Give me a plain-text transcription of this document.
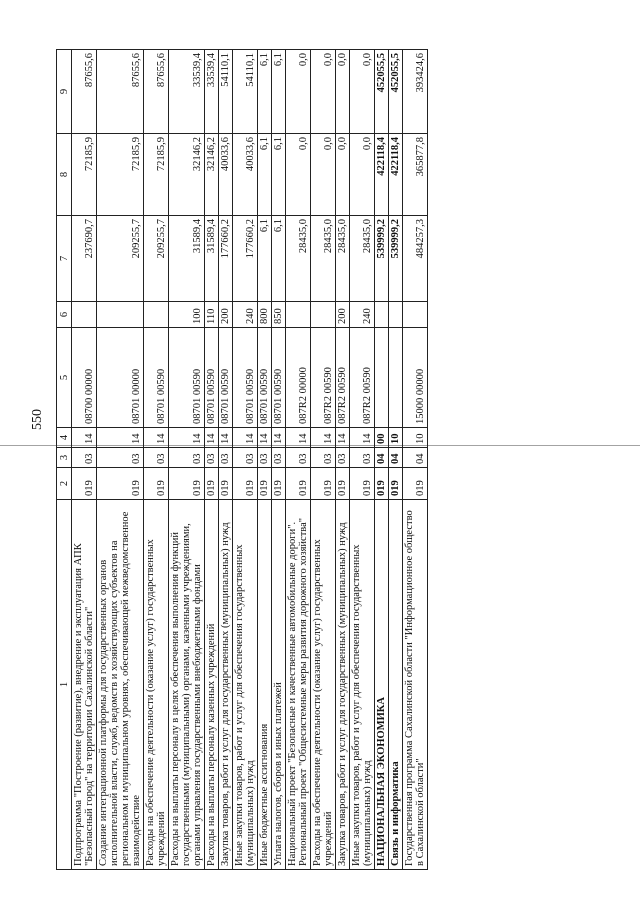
550
1	2	3	4	5	6	7	8	9
Подпрограмма "Построение (развитие), внедрение и эксплуатация АПК "Безопасный город" на территории Сахалинской области"	019	03	14	08700 00000		237690,7	72185,9	87655,6
Создание интеграционной платформы для государственных органов исполнительной власти, служб, ведомств и хозяйствующих субъектов на региональном и муниципальном уровнях, обеспечивающей межведомственное взаимодействие	019	03	14	08701 00000		209255,7	72185,9	87655,6
Расходы на обеспечение деятельности (оказание услуг) государственных учреждений	019	03	14	08701 00590		209255,7	72185,9	87655,6
Расходы на выплаты персоналу в целях обеспечения выполнения функций государственными (муниципальными) органами, казенными учреждениями, органами управления государственными внебюджетными фондами	019	03	14	08701 00590	100	31589,4	32146,2	33539,4
Расходы на выплаты персоналу казенных учреждений	019	03	14	08701 00590	110	31589,4	32146,2	33539,4
Закупка товаров, работ и услуг для государственных (муниципальных) нужд	019	03	14	08701 00590	200	177660,2	40033,6	54110,1
Иные закупки товаров, работ и услуг для обеспечения государственных (муниципальных) нужд	019	03	14	08701 00590	240	177660,2	40033,6	54110,1
Иные бюджетные ассигнования	019	03	14	08701 00590	800	6,1	6,1	6,1
Уплата налогов, сборов и иных платежей	019	03	14	08701 00590	850	6,1	6,1	6,1
Национальный проект "Безопасные и качественные автомобильные дороги". Региональный проект "Общесистемные меры развития дорожного хозяйства"	019	03	14	087R2 00000		28435,0	0,0	0,0
Расходы на обеспечение деятельности (оказание услуг) государственных учреждений	019	03	14	087R2 00590		28435,0	0,0	0,0
Закупка товаров, работ и услуг для государственных (муниципальных) нужд	019	03	14	087R2 00590	200	28435,0	0,0	0,0
Иные закупки товаров, работ и услуг для обеспечения государственных (муниципальных) нужд	019	03	14	087R2 00590	240	28435,0	0,0	0,0
НАЦИОНАЛЬНАЯ ЭКОНОМИКА	019	04	00			539999,2	422118,4	452055,5
Связь и информатика	019	04	10			539999,2	422118,4	452055,5
Государственная программа Сахалинской области "Информационное общество в Сахалинской области"	019	04	10	15000 00000		484257,3	365877,8	393424,6
